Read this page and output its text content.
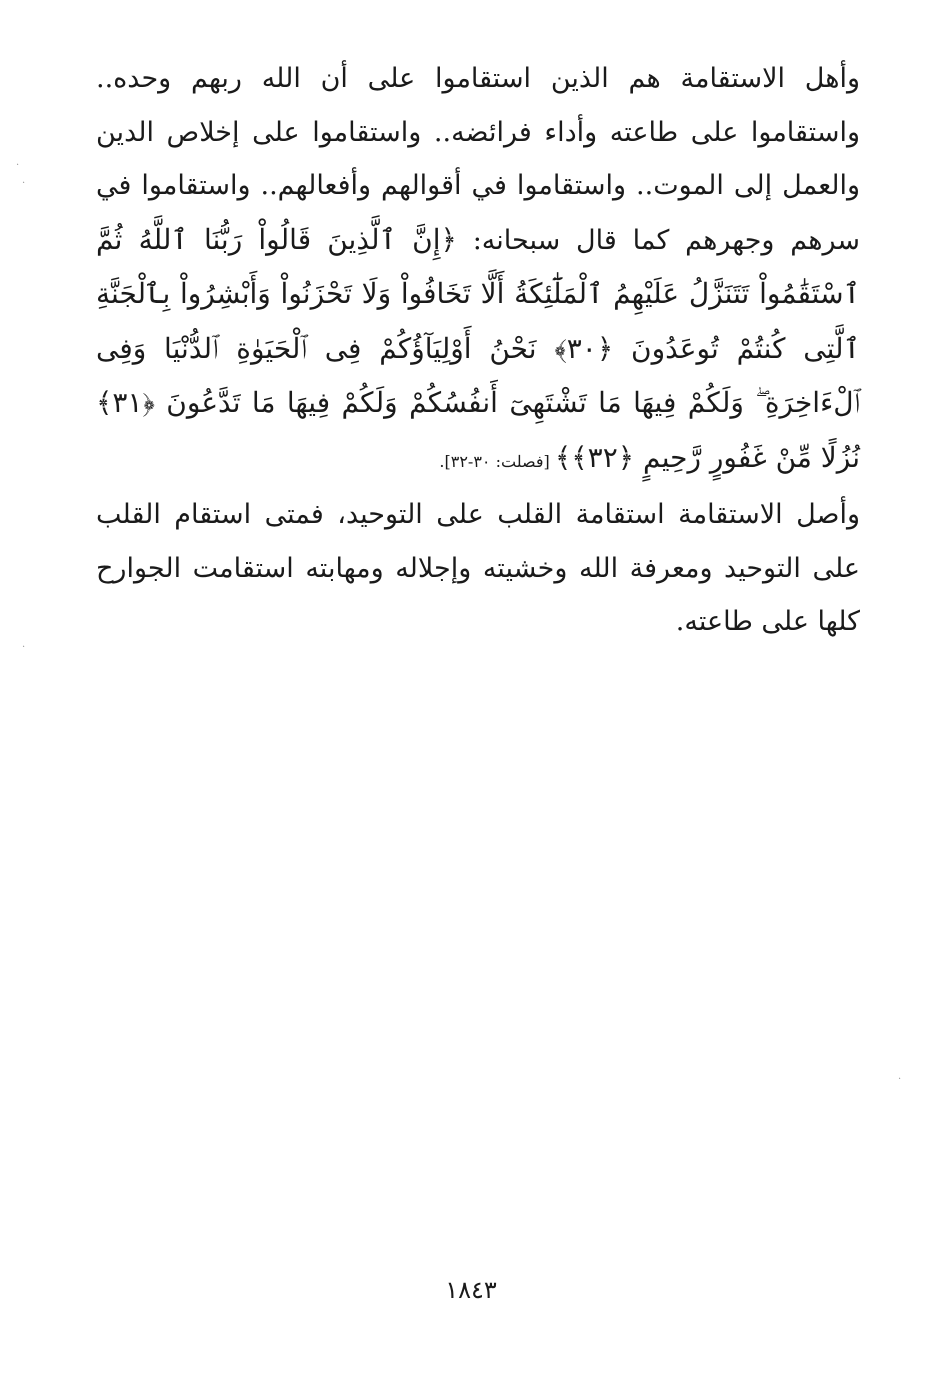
وأهل الاستقامة هم الذين استقاموا على أن الله ربهم وحده.. واستقاموا على طاعته وأداء فرائضه.. واستقاموا على إخلاص الدين والعمل إلى الموت.. واستقاموا في أقوالهم وأفعالهم.. واستقاموا في سرهم وجهرهم كما قال سبحانه: ﴿إِنَّ ٱلَّذِينَ قَالُواْ رَبُّنَا ٱللَّهُ ثُمَّ ٱسْتَقَٰمُواْ تَتَنَزَّلُ عَلَيْهِمُ ٱلْمَلَٰٓئِكَةُ أَلَّا تَخَافُواْ وَلَا تَحْزَنُواْ وَأَبْشِرُواْ بِٱلْجَنَّةِ ٱلَّتِى كُنتُمْ تُوعَدُونَ ﴿٣٠﴾ نَحْنُ أَوْلِيَآؤُكُمْ فِى ٱلْحَيَوٰةِ ٱلدُّنْيَا وَفِى ٱلْءَاخِرَةِ ۖ وَلَكُمْ فِيهَا مَا تَشْتَهِىٓ أَنفُسُكُمْ وَلَكُمْ فِيهَا مَا تَدَّعُونَ ﴿٣١﴾ نُزُلًا مِّنْ غَفُورٍ رَّحِيمٍ ﴿٣٢﴾﴾ [فصلت: ٣٠-٣٢].

وأصل الاستقامة استقامة القلب على التوحيد، فمتى استقام القلب على التوحيد ومعرفة الله وخشيته وإجلاله ومهابته استقامت الجوارح كلها على طاعته.

١٨٤٣
.
.
.
.
